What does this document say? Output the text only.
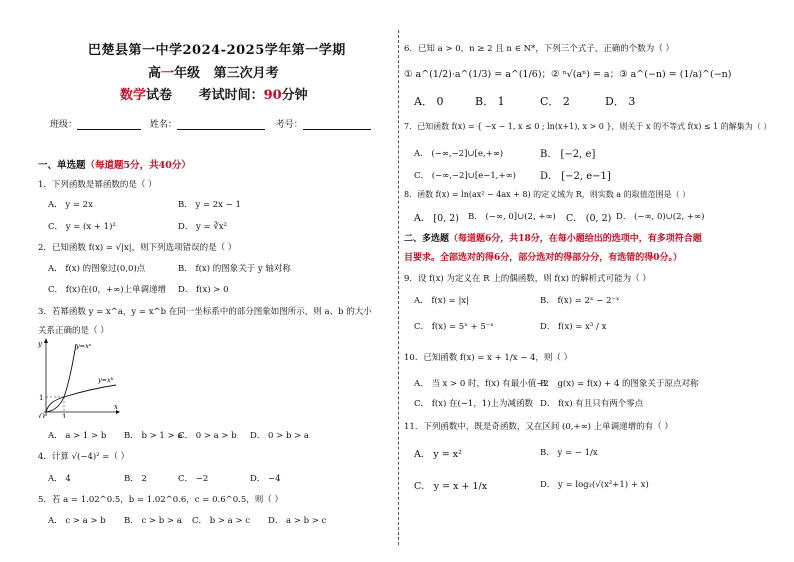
巴楚县第一中学2024-2025学年第一学期
高一年级   第三次月考
数学试卷 考试时间：90分钟
班级：	姓名：	考号：
一、单选题（每道题5分，共40分）
1．下列函数是幂函数的是（ ）
A． y = 2x	B． y = 2x − 1
C． y = (x + 1)²	D． y = ∛x²
2．已知函数 f(x) = √|x|，则下列选项错误的是（ ）
A． f(x) 的图象过(0,0)点	B． f(x) 的图象关于 y 轴对称
C． f(x)在(0，+∞)上单调递增 D． f(x) > 0
3．若幂函数 y = x^a，y = x^b 在同一坐标系中的部分图象如图所示，则 a、b 的大小
关系正确的是（ ）
y
x
y=xᵃ
y=xᵇ
1
1
O
A． a > 1 > b B． b > 1 > a
C． 0 > a > b D． 0 > b > a
4．计算 √(−4)² =（ ）
A． 4	B． 2	C． −2	D． −4
5．若 a = 1.02^0.5，b = 1.02^0.6，c = 0.6^0.5，则（ ）
A． c > a > b B． c > b > a C． b > a > c D． a > b > c
6．已知 a > 0，n ≥ 2 且 n ∈ N*，下列三个式子，正确的个数为（ ）
① a^(1/2)·a^(1/3) = a^(1/6)；② ⁿ√(aⁿ) = a；③ a^(−n) = (1/a)^(−n)
A． 0	B． 1	C． 2	D． 3
7．已知函数 f(x) = { −x − 1, x ≤ 0 ; ln(x+1), x > 0 }，则关于 x 的不等式 f(x) ≤ 1 的解集为（ ）
A． (−∞,−2]∪[e,+∞)	B． [−2, e]
C． (−∞,−2]∪[e−1,+∞) D． [−2, e−1]
8．函数 f(x) = ln(ax² − 4ax + 8) 的定义域为 R，则实数 a 的取值范围是（ ）
A． [0, 2) B． (−∞, 0]∪(2, +∞) C． (0, 2) D． (−∞, 0)∪(2, +∞)
二、多选题（每道题6分，共18分，在每小题给出的选项中，有多项符合题
目要求。全部选对的得6分，部分选对的得部分分，有选错的得0分。）
9．设 f(x) 为定义在 R 上的偶函数，则 f(x) 的解析式可能为（ ）
A． f(x) = |x|	B． f(x) = 2ˣ − 2⁻ˣ
C． f(x) = 5ˣ + 5⁻ˣ	D． f(x) = x³ / x
10．已知函数 f(x) = x + 1/x − 4，则（ ）
A． 当 x > 0 时，f(x) 有最小值−2
B． g(x) = f(x) + 4 的图象关于原点对称
C． f(x) 在(−1，1)上为减函数 D． f(x) 有且只有两个零点
11．下列函数中，既是奇函数，又在区间 (0,+∞) 上单调递增的有（ ）
A． y = x²	B． y = − 1/x
C． y = x + 1/x	D． y = log₂(√(x²+1) + x)
